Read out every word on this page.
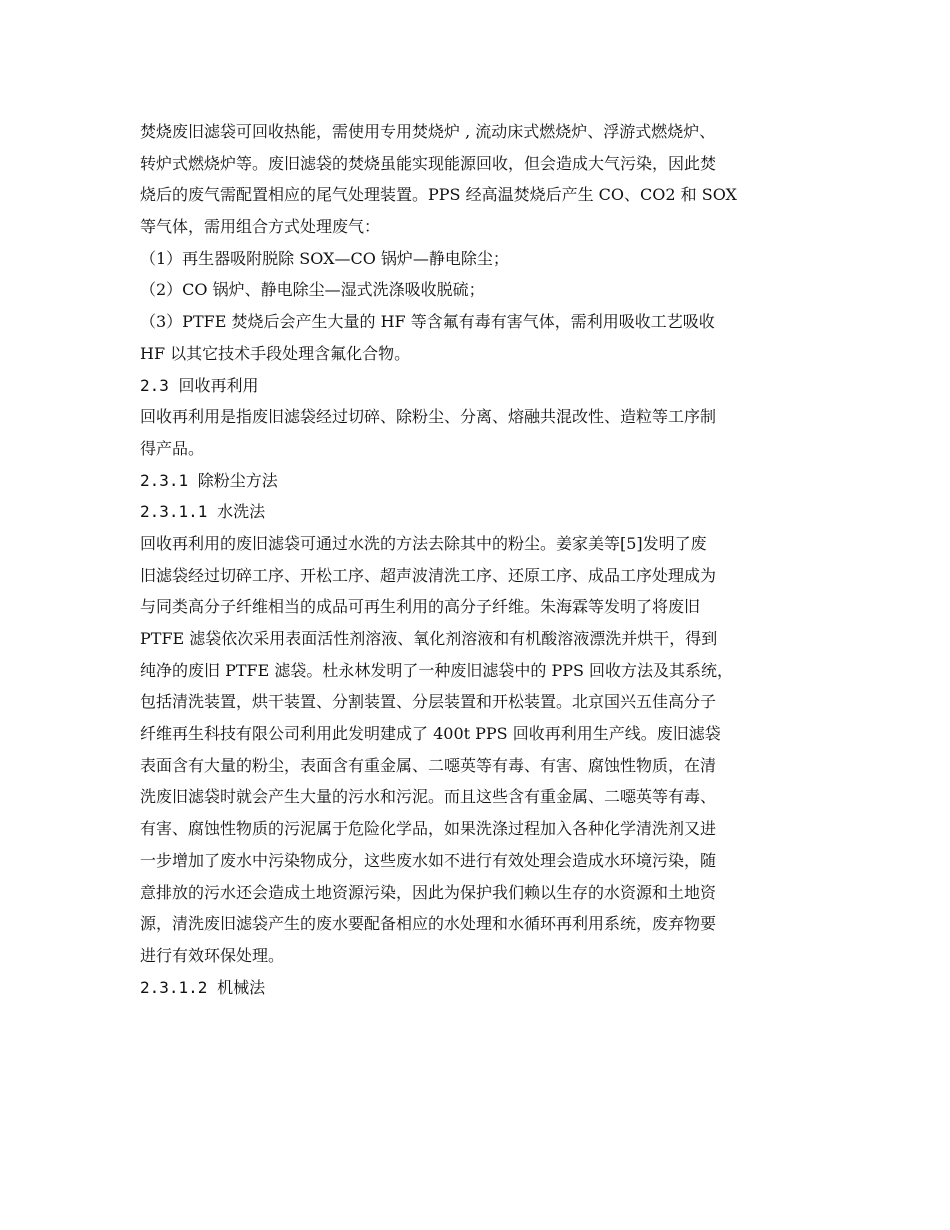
焚烧废旧滤袋可回收热能，需使用专用焚烧炉 , 流动床式燃烧炉、浮游式燃烧炉、
转炉式燃烧炉等。废旧滤袋的焚烧虽能实现能源回收，但会造成大气污染，因此焚
烧后的废气需配置相应的尾气处理装置。PPS 经高温焚烧后产生 CO、CO2 和 SOX
等气体，需用组合方式处理废气：
（1）再生器吸附脱除 SOX—CO 锅炉—静电除尘；
（2）CO 锅炉、静电除尘—湿式洗涤吸收脱硫；
（3）PTFE 焚烧后会产生大量的 HF 等含氟有毒有害气体，需利用吸收工艺吸收
HF 以其它技术手段处理含氟化合物。
2.3 回收再利用
回收再利用是指废旧滤袋经过切碎、除粉尘、分离、熔融共混改性、造粒等工序制
得产品。
2.3.1 除粉尘方法
2.3.1.1 水洗法
回收再利用的废旧滤袋可通过水洗的方法去除其中的粉尘。姜家美等[5]发明了废
旧滤袋经过切碎工序、开松工序、超声波清洗工序、还原工序、成品工序处理成为
与同类高分子纤维相当的成品可再生利用的高分子纤维。朱海霖等发明了将废旧
PTFE 滤袋依次采用表面活性剂溶液、氧化剂溶液和有机酸溶液漂洗并烘干，得到
纯净的废旧 PTFE 滤袋。杜永林发明了一种废旧滤袋中的 PPS 回收方法及其系统，
包括清洗装置，烘干装置、分割装置、分层装置和开松装置。北京国兴五佳高分子
纤维再生科技有限公司利用此发明建成了 400t PPS 回收再利用生产线。废旧滤袋
表面含有大量的粉尘，表面含有重金属、二噁英等有毒、有害、腐蚀性物质，在清
洗废旧滤袋时就会产生大量的污水和污泥。而且这些含有重金属、二噁英等有毒、
有害、腐蚀性物质的污泥属于危险化学品，如果洗涤过程加入各种化学清洗剂又进
一步增加了废水中污染物成分，这些废水如不进行有效处理会造成水环境污染，随
意排放的污水还会造成土地资源污染，因此为保护我们赖以生存的水资源和土地资
源，清洗废旧滤袋产生的废水要配备相应的水处理和水循环再利用系统，废弃物要
进行有效环保处理。
2.3.1.2 机械法
